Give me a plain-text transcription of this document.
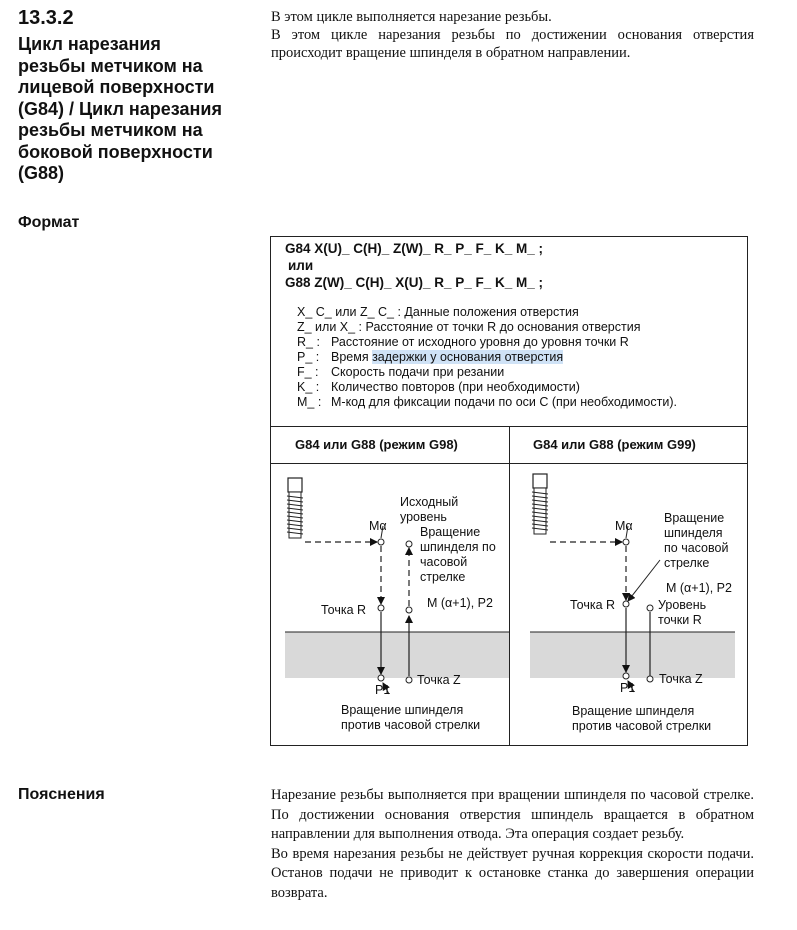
13.3.2
Цикл нарезания
резьбы метчиком на
лицевой поверхности
(G84) / Цикл нарезания
резьбы метчиком на
боковой поверхности
(G88)

В этом цикле выполняется нарезание резьбы.

В этом цикле нарезания резьбы по достижении основания отверстия происходит вращение шпинделя в обратном направлении.

Формат
G84 X(U)_ C(H)_ Z(W)_ R_ P_ F_ K_ M_ ;
или
G88 Z(W)_ C(H)_ X(U)_ R_ P_ F_ K_ M_ ;
X_ C_ или Z_ C_ : Данные положения отверстия
Z_ или X_ : Расстояние от точки R до основания отверстия
R_ : Расстояние от исходного уровня до уровня точки R
P_ : Время задержки у основания отверстия
F_ : Скорость подачи при резании
K_ : Количество повторов (при необходимости)
M_ : M-код для фиксации подачи по оси C (при необходимости).
G84 или G88 (режим G98)	G84 или G88 (режим G99)
Mα
Исходный
уровень
Вращение
шпинделя по
часовой
стрелке
M (α+1), P2
Точка R
Точка Z
P1
Вращение шпинделя
против часовой стрелки
Mα
Вращение
шпинделя
по часовой
стрелке
M (α+1), P2
Уровень
точки R
Точка R
Точка Z
P1
Вращение шпинделя
против часовой стрелки
Пояснения	Нарезание резьбы выполняется при вращении шпинделя по часовой стрелке. По достижении основания отверстия шпиндель вращается в обратном направлении для выполнения отвода. Эта операция создает резьбу.

Во время нарезания резьбы не действует ручная коррекция скорости подачи. Останов подачи не приводит к остановке станка до завершения операции возврата.
